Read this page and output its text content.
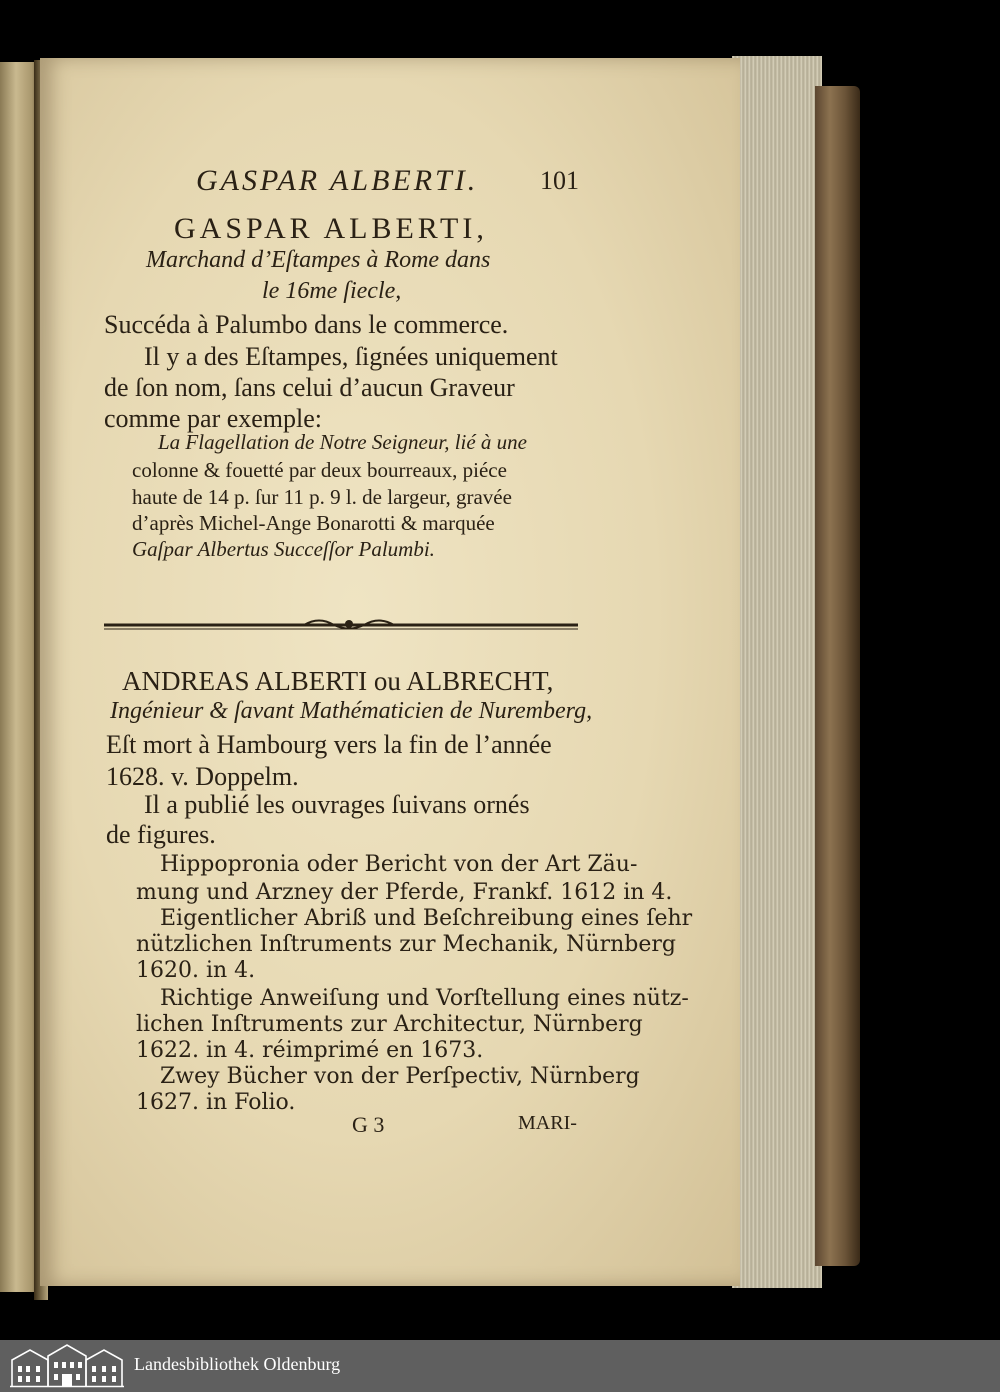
GASPAR ALBERTI. 101
GASPAR ALBERTI,
Marchand d’Eſtampes à Rome dans
le 16me ſiecle,
Succéda à Palumbo dans le commerce.
Il y a des Eſtampes, ſignées uniquement
de ſon nom, ſans celui d’aucun Graveur
comme par exemple:
La Flagellation de Notre Seigneur, lié à une
colonne & fouetté par deux bourreaux, piéce
haute de 14 p. ſur 11 p. 9 l. de largeur, gravée
d’après Michel-Ange Bonarotti & marquée
Gaſpar Albertus Succeſſor Palumbi.
ANDREAS ALBERTI ou ALBRECHT,
Ingénieur & ſavant Mathématicien de Nuremberg,
Eſt mort à Hambourg vers la fin de l’année
1628. v. Doppelm.
Il a publié les ouvrages ſuivans ornés
de figures.
Hippopronia oder Bericht von der Art Zäu-
mung und Arzney der Pferde, Frankf. 1612 in 4.
Eigentlicher Abriß und Beſchreibung eines ſehr
nützlichen Inſtruments zur Mechanik, Nürnberg
1620. in 4.
Richtige Anweiſung und Vorſtellung eines nütz-
lichen Inſtruments zur Architectur, Nürnberg
1622. in 4. réimprimé en 1673.
Zwey Bücher von der Perſpectiv, Nürnberg
1627. in Folio.
G 3	MARI-
Landesbibliothek Oldenburg
